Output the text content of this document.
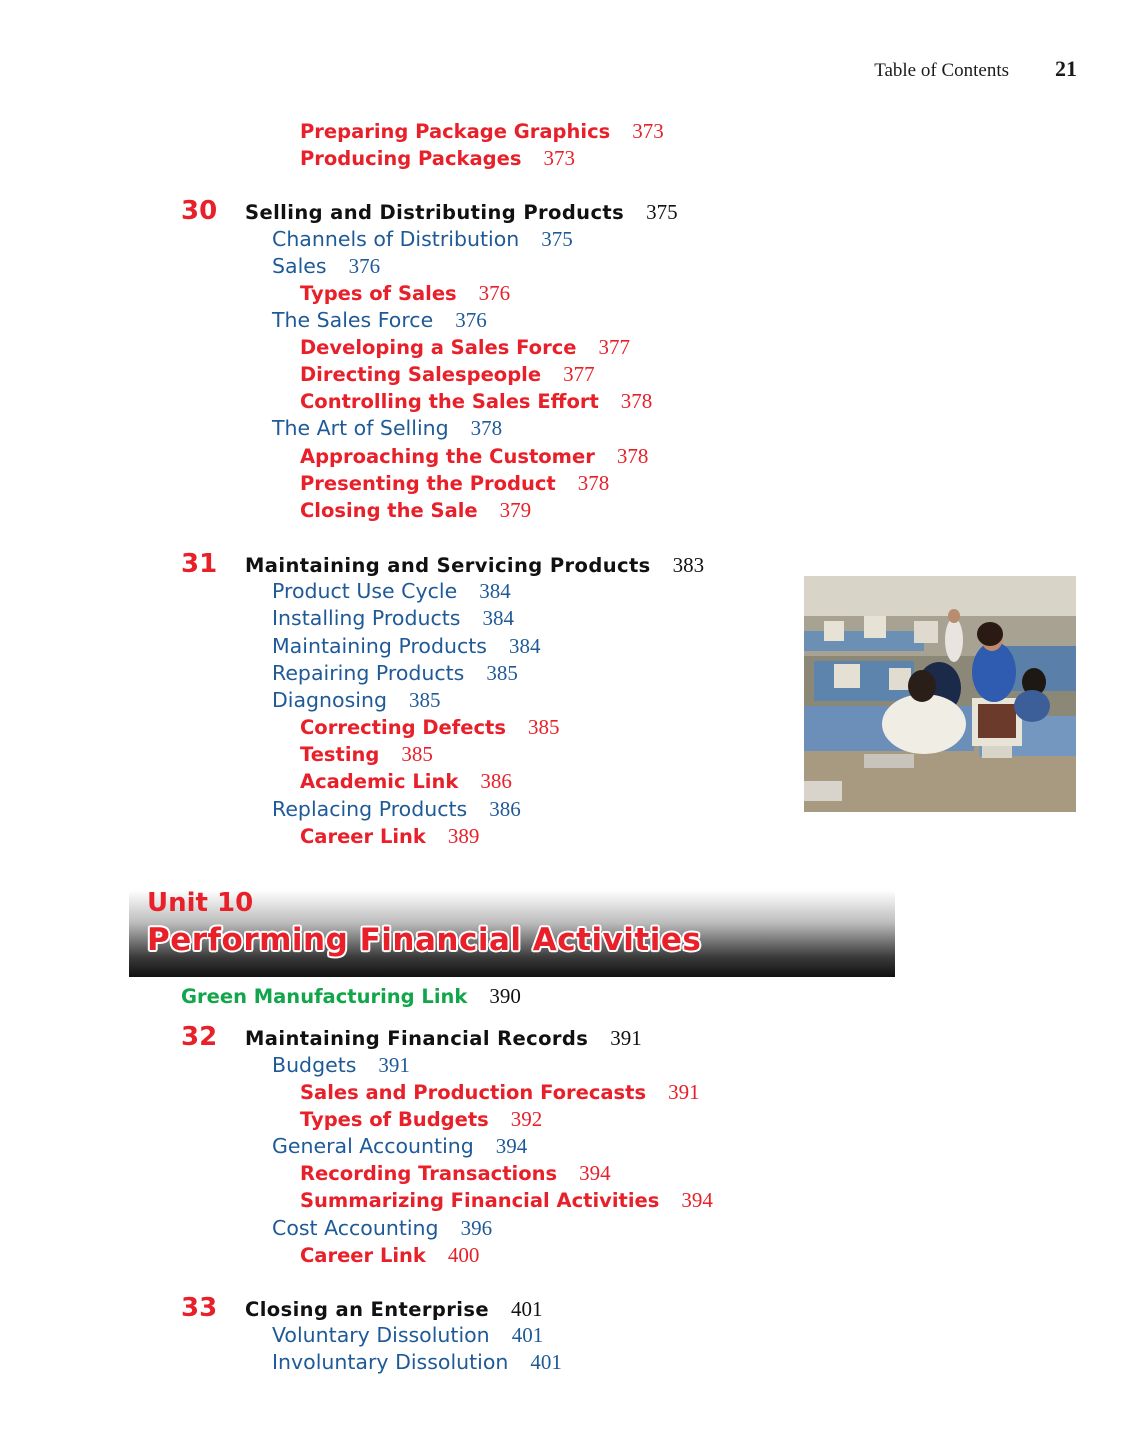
Table of Contents 21
Preparing Package Graphics 373
Producing Packages 373
30 Selling and Distributing Products 375
Channels of Distribution 375
Sales 376
Types of Sales 376
The Sales Force 376
Developing a Sales Force 377
Directing Salespeople 377
Controlling the Sales Effort 378
The Art of Selling 378
Approaching the Customer 378
Presenting the Product 378
Closing the Sale 379
31 Maintaining and Servicing Products 383
Product Use Cycle 384
Installing Products 384
Maintaining Products 384
Repairing Products 385
Diagnosing 385
Correcting Defects 385
Testing 385
Academic Link 386
Replacing Products 386
Career Link 389
Unit 10
Performing Financial Activities
Green Manufacturing Link 390
32 Maintaining Financial Records 391
Budgets 391
Sales and Production Forecasts 391
Types of Budgets 392
General Accounting 394
Recording Transactions 394
Summarizing Financial Activities 394
Cost Accounting 396
Career Link 400
33 Closing an Enterprise 401
Voluntary Dissolution 401
Involuntary Dissolution 401
